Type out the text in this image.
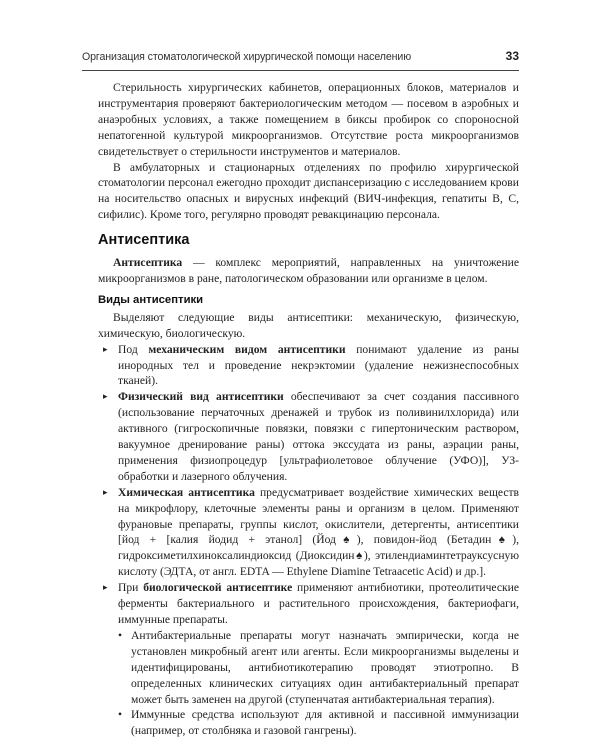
Организация стоматологической хирургической помощи населению	33

Стерильность хирургических кабинетов, операционных блоков, материалов и инструментария проверяют бактериологическим методом — посевом в аэробных и анаэробных условиях, а также помещением в биксы пробирок со спороносной непатогенной культурой микроорганизмов. Отсутствие роста микроорганизмов свидетельствует о стерильности инструментов и материалов.

В амбулаторных и стационарных отделениях по профилю хирургической стоматологии персонал ежегодно проходит диспансеризацию с исследованием крови на носительство опасных и вирусных инфекций (ВИЧ-инфекция, гепатиты В, С, сифилис). Кроме того, регулярно проводят ревакцинацию персонала.

Антисептика

Антисептика — комплекс мероприятий, направленных на уничтожение микроорганизмов в ране, патологическом образовании или организме в целом.

Виды антисептики

Выделяют следующие виды антисептики: механическую, физическую, химическую, биологическую.

▸ Под механическим видом антисептики понимают удаление из раны инородных тел и проведение некрэктомии (удаление нежизнеспособных тканей).
▸ Физический вид антисептики обеспечивают за счет создания пассивного (использование перчаточных дренажей и трубок из поливинилхлорида) или активного (гигроскопичные повязки, повязки с гипертоническим раствором, вакуумное дренирование раны) оттока экссудата из раны, аэрации раны, применения физиопроцедур [ультрафиолетовое облучение (УФО)], УЗ-обработки и лазерного облучения.
▸ Химическая антисептика предусматривает воздействие химических веществ на микрофлору, клеточные элементы раны и организм в целом. Применяют фурановые препараты, группы кислот, окислители, детергенты, антисептики [йод + [калия йодид + этанол] (Йод♠), повидон-йод (Бетадин♠), гидроксиметилхиноксалиндиоксид (Диоксидин♠), этилендиаминтетрауксусную кислоту (ЭДТА, от англ. EDTA — Ethylene Diamine Tetraacetic Acid) и др.].
▸ При биологической антисептике применяют антибиотики, протеолитические ферменты бактериального и растительного происхождения, бактериофаги, иммунные препараты.
• Антибактериальные препараты могут назначать эмпирически, когда не установлен микробный агент или агенты. Если микроорганизмы выделены и идентифицированы, антибиотикотерапию проводят этиотропно. В определенных клинических ситуациях один антибактериальный препарат может быть заменен на другой (ступенчатая антибактериальная терапия).
• Иммунные средства используют для активной и пассивной иммунизации (например, от столбняка и газовой гангрены).
